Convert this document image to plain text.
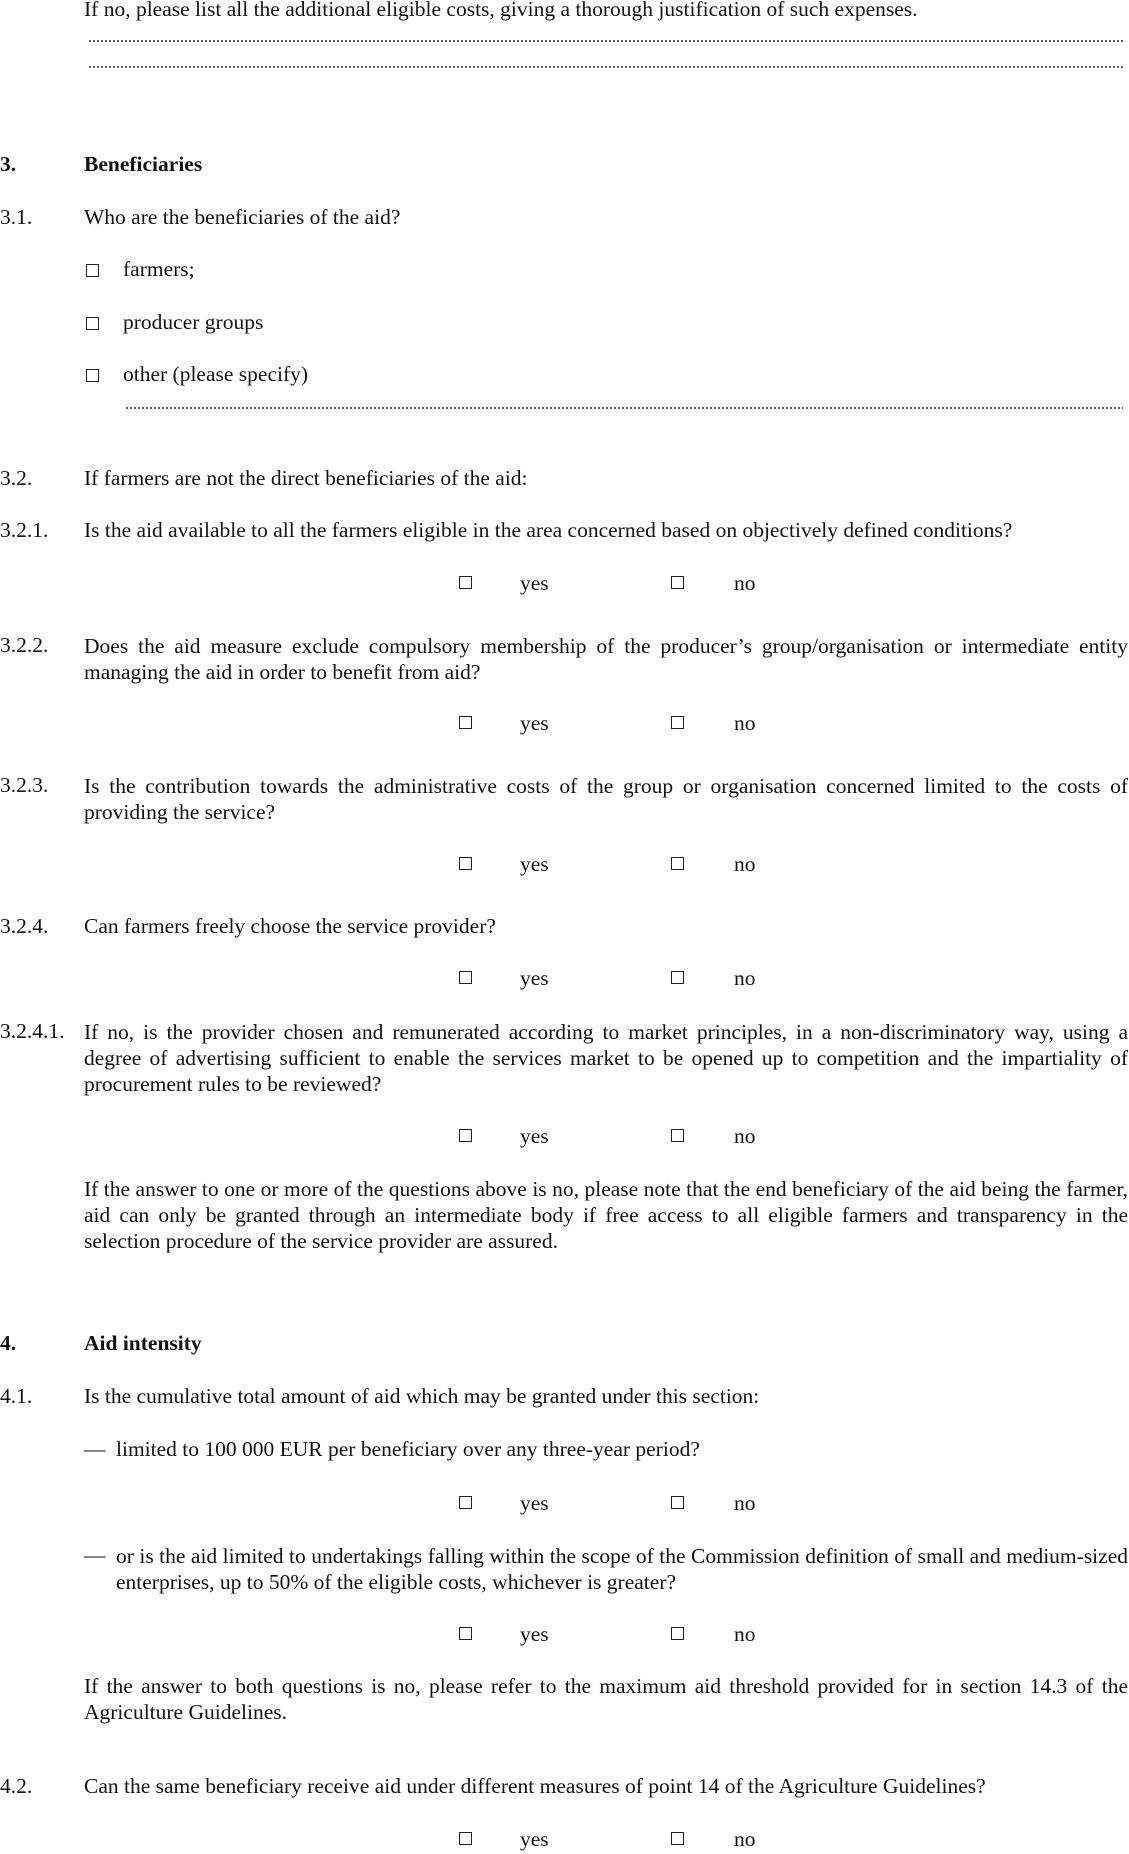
If no, please list all the additional eligible costs, giving a thorough justification of such expenses.
3.	Beneficiaries
3.1. Who are the beneficiaries of the aid?
farmers;
producer groups
other (please specify)
3.2. If farmers are not the direct beneficiaries of the aid:
3.2.1. Is the aid available to all the farmers eligible in the area concerned based on objectively defined conditions?
yes	no
3.2.2. Does the aid measure exclude compulsory membership of the producer’s group/organisation or intermediate entity managing the aid in order to benefit from aid?
yes	no
3.2.3. Is the contribution towards the administrative costs of the group or organisation concerned limited to the costs of providing the service?
yes	no
3.2.4. Can farmers freely choose the service provider?
yes	no
3.2.4.1. If no, is the provider chosen and remunerated according to market principles, in a non-discriminatory way, using a degree of advertising sufficient to enable the services market to be opened up to competition and the impartiality of procurement rules to be reviewed?
yes	no
If the answer to one or more of the questions above is no, please note that the end beneficiary of the aid being the farmer, aid can only be granted through an intermediate body if free access to all eligible farmers and transparency in the selection procedure of the service provider are assured.
4.	Aid intensity
4.1. Is the cumulative total amount of aid which may be granted under this section:
— limited to 100 000 EUR per beneficiary over any three-year period?
yes	no
— or is the aid limited to undertakings falling within the scope of the Commission definition of small and medium-sized enterprises, up to 50% of the eligible costs, whichever is greater?
yes	no
If the answer to both questions is no, please refer to the maximum aid threshold provided for in section 14.3 of the Agriculture Guidelines.
4.2. Can the same beneficiary receive aid under different measures of point 14 of the Agriculture Guidelines?
yes	no
